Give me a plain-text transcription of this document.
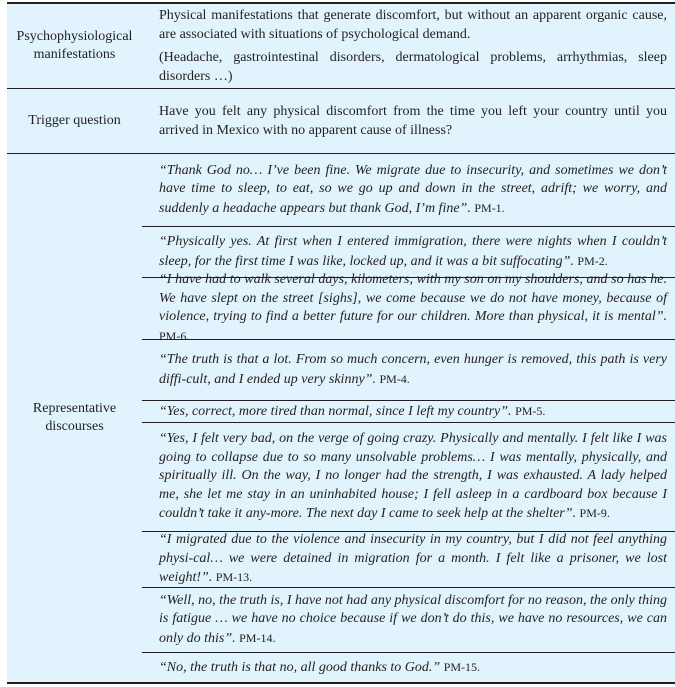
Psychophysiological manifestations

Physical manifestations that generate discomfort, but without an apparent organic cause, are associated with situations of psychological demand.

(Headache, gastrointestinal disorders, dermatological problems, arrhythmias, sleep disorders …)

Trigger question

Have you felt any physical discomfort from the time you left your country until you arrived in Mexico with no apparent cause of illness?

Representative discourses
“Thank God no… I’ve been fine. We migrate due to insecurity, and sometimes we don’t have time to sleep, to eat, so we go up and down in the street, adrift; we worry, and suddenly a headache appears but thank God, I’m fine”. PM-1.
“Physically yes. At first when I entered immigration, there were nights when I couldn’t sleep, for the first time I was like, locked up, and it was a bit suffocating”. PM-2.
“I have had to walk several days, kilometers, with my son on my shoulders, and so has he. We have slept on the street [sighs], we come because we do not have money, because of violence, trying to find a better future for our children. More than physical, it is mental”. PM-6.
“The truth is that a lot. From so much concern, even hunger is removed, this path is very diffi-cult, and I ended up very skinny”. PM-4.
“Yes, correct, more tired than normal, since I left my country”. PM-5.
“Yes, I felt very bad, on the verge of going crazy. Physically and mentally. I felt like I was going to collapse due to so many unsolvable problems… I was mentally, physically, and spiritually ill. On the way, I no longer had the strength, I was exhausted. A lady helped me, she let me stay in an uninhabited house; I fell asleep in a cardboard box because I couldn’t take it any-more. The next day I came to seek help at the shelter”. PM-9.
“I migrated due to the violence and insecurity in my country, but I did not feel anything physi-cal… we were detained in migration for a month. I felt like a prisoner, we lost weight!”. PM-13.
“Well, no, the truth is, I have not had any physical discomfort for no reason, the only thing is fatigue … we have no choice because if we don’t do this, we have no resources, we can only do this”. PM-14.
“No, the truth is that no, all good thanks to God.” PM-15.
